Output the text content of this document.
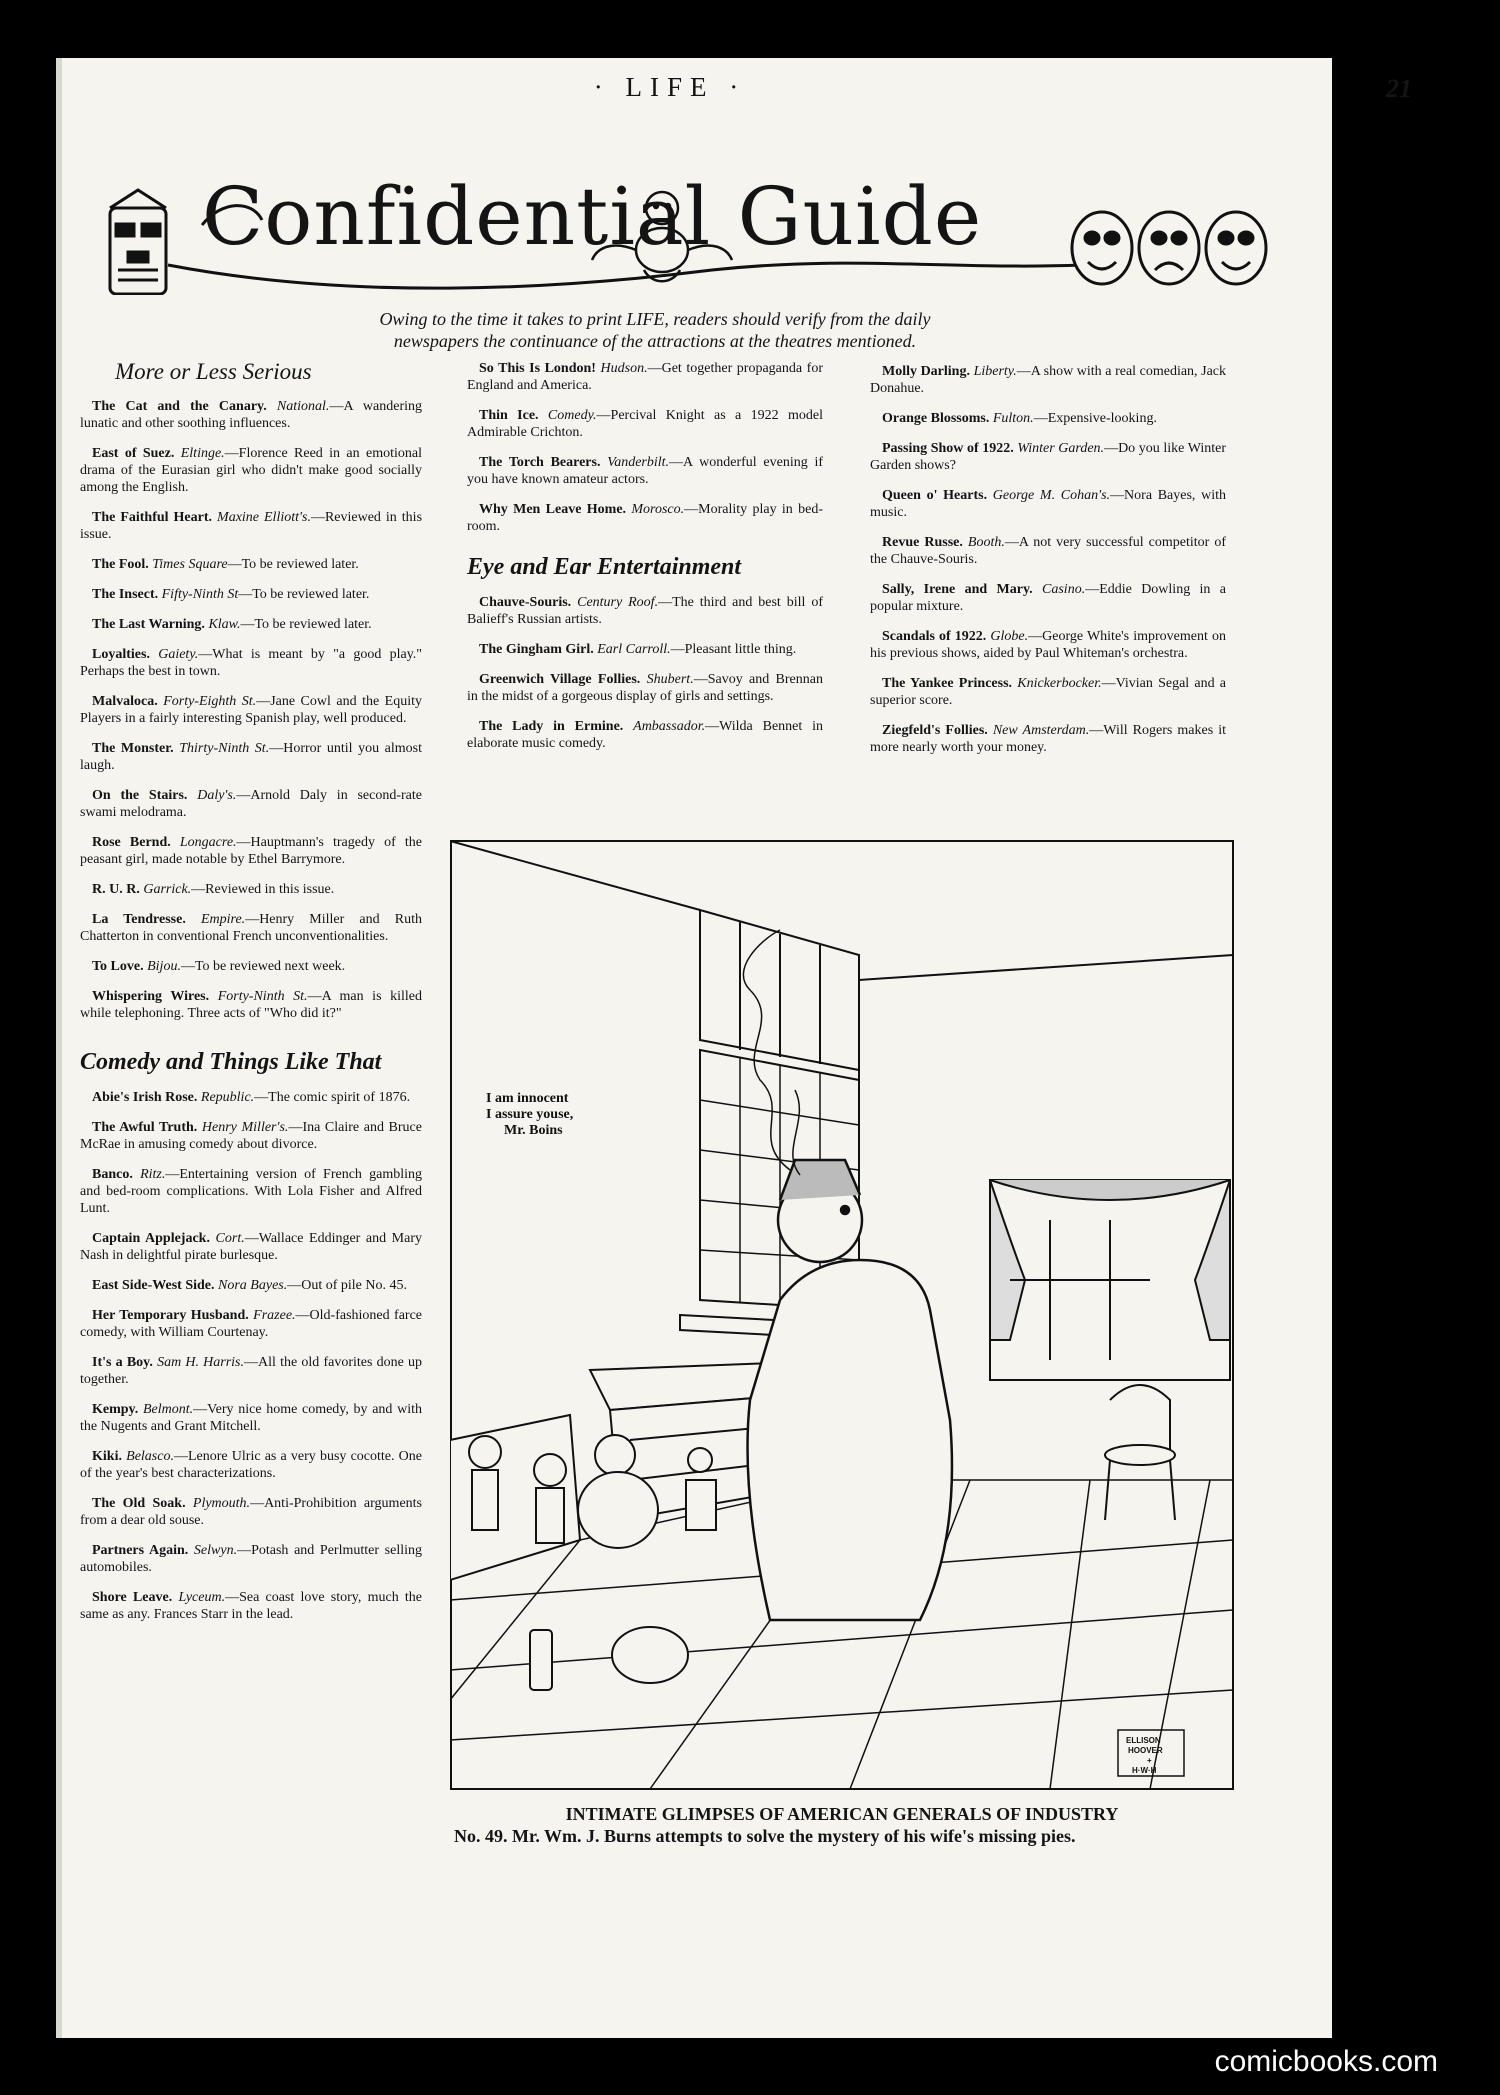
· LIFE ·	21
Confidential Guide
Owing to the time it takes to print LIFE, readers should verify from the daily
newspapers the continuance of the attractions at the theatres mentioned.
More or Less Serious
The Cat and the Canary. National.—A wandering lunatic and other soothing influences.
East of Suez. Eltinge.—Florence Reed in an emotional drama of the Eurasian girl who didn't make good socially among the English.
The Faithful Heart. Maxine Elliott's.—Reviewed in this issue.
The Fool. Times Square—To be reviewed later.
The Insect. Fifty-Ninth St—To be reviewed later.
The Last Warning. Klaw.—To be reviewed later.
Loyalties. Gaiety.—What is meant by "a good play." Perhaps the best in town.
Malvaloca. Forty-Eighth St.—Jane Cowl and the Equity Players in a fairly interesting Spanish play, well produced.
The Monster. Thirty-Ninth St.—Horror until you almost laugh.
On the Stairs. Daly's.—Arnold Daly in second-rate swami melodrama.
Rose Bernd. Longacre.—Hauptmann's tragedy of the peasant girl, made notable by Ethel Barrymore.
R. U. R. Garrick.—Reviewed in this issue.
La Tendresse. Empire.—Henry Miller and Ruth Chatterton in conventional French unconventionalities.
To Love. Bijou.—To be reviewed next week.
Whispering Wires. Forty-Ninth St.—A man is killed while telephoning. Three acts of "Who did it?"
Comedy and Things Like That
Abie's Irish Rose. Republic.—The comic spirit of 1876.
The Awful Truth. Henry Miller's.—Ina Claire and Bruce McRae in amusing comedy about divorce.
Banco. Ritz.—Entertaining version of French gambling and bed-room complications. With Lola Fisher and Alfred Lunt.
Captain Applejack. Cort.—Wallace Eddinger and Mary Nash in delightful pirate burlesque.
East Side-West Side. Nora Bayes.—Out of pile No. 45.
Her Temporary Husband. Frazee.—Old-fashioned farce comedy, with William Courtenay.
It's a Boy. Sam H. Harris.—All the old favorites done up together.
Kempy. Belmont.—Very nice home comedy, by and with the Nugents and Grant Mitchell.
Kiki. Belasco.—Lenore Ulric as a very busy cocotte. One of the year's best characterizations.
The Old Soak. Plymouth.—Anti-Prohibition arguments from a dear old souse.
Partners Again. Selwyn.—Potash and Perlmutter selling automobiles.
Shore Leave. Lyceum.—Sea coast love story, much the same as any. Frances Starr in the lead.
So This Is London! Hudson.—Get together propaganda for England and America.
Thin Ice. Comedy.—Percival Knight as a 1922 model Admirable Crichton.
The Torch Bearers. Vanderbilt.—A wonderful evening if you have known amateur actors.
Why Men Leave Home. Morosco.—Morality play in bed-room.
Eye and Ear Entertainment
Chauve-Souris. Century Roof.—The third and best bill of Balieff's Russian artists.
The Gingham Girl. Earl Carroll.—Pleasant little thing.
Greenwich Village Follies. Shubert.—Savoy and Brennan in the midst of a gorgeous display of girls and settings.
The Lady in Ermine. Ambassador.—Wilda Bennet in elaborate music comedy.
Molly Darling. Liberty.—A show with a real comedian, Jack Donahue.
Orange Blossoms. Fulton.—Expensive-looking.
Passing Show of 1922. Winter Garden.—Do you like Winter Garden shows?
Queen o' Hearts. George M. Cohan's.—Nora Bayes, with music.
Revue Russe. Booth.—A not very successful competitor of the Chauve-Souris.
Sally, Irene and Mary. Casino.—Eddie Dowling in a popular mixture.
Scandals of 1922. Globe.—George White's improvement on his previous shows, aided by Paul Whiteman's orchestra.
The Yankee Princess. Knickerbocker.—Vivian Segal and a superior score.
Ziegfeld's Follies. New Amsterdam.—Will Rogers makes it more nearly worth your money.
I am innocent I assure youse, Mr. Boins
ELLISON
HOOVER
+
H·W·H
INTIMATE GLIMPSES OF AMERICAN GENERALS OF INDUSTRY
No. 49. Mr. Wm. J. Burns attempts to solve the mystery of his wife's missing pies.
comicbooks.com
